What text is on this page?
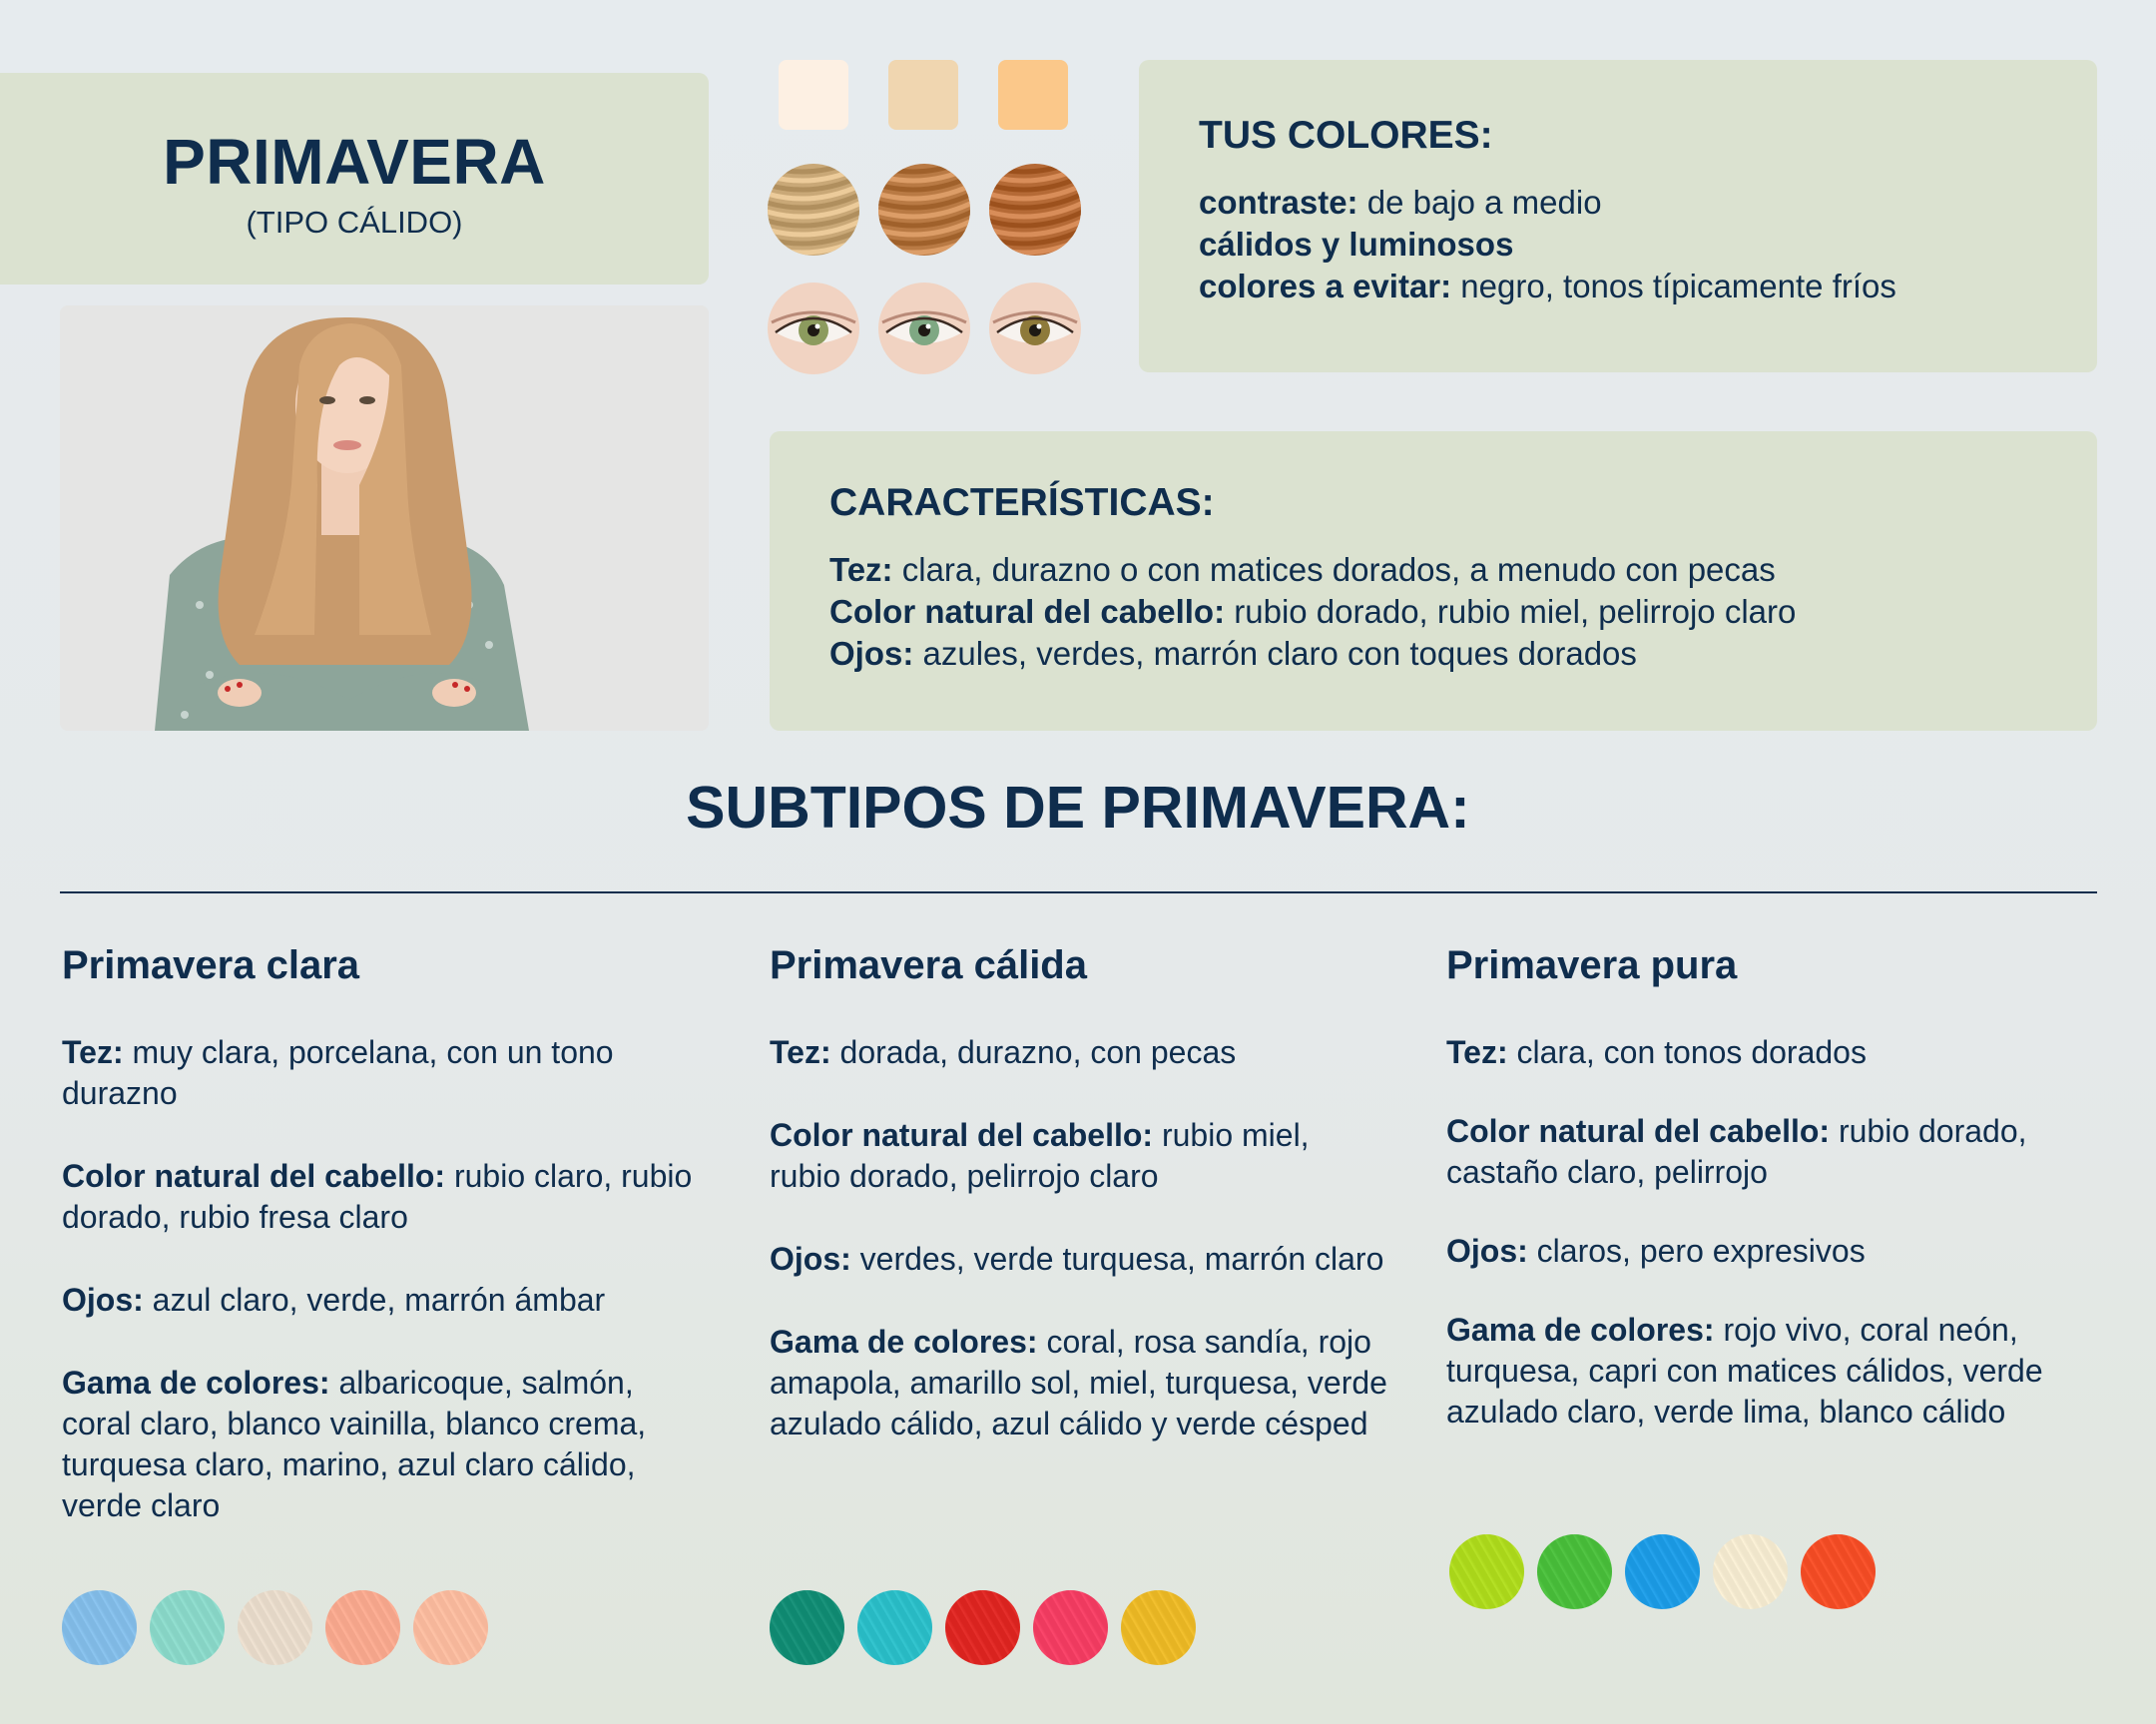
PRIMAVERA
(TIPO CÁLIDO)
TUS COLORES:
contraste: de bajo a medio
cálidos y luminosos
colores a evitar: negro, tonos típicamente fríos
CARACTERÍSTICAS:
Tez: clara, durazno o con matices dorados, a menudo con pecas
Color natural del cabello: rubio dorado, rubio miel, pelirrojo claro
Ojos: azules, verdes, marrón claro con toques dorados
SUBTIPOS DE PRIMAVERA:
Primavera clara
Tez: muy clara, porcelana, con un tono durazno
Color natural del cabello: rubio claro, rubio dorado, rubio fresa claro
Ojos: azul claro, verde, marrón ámbar
Gama de colores: albaricoque, salmón, coral claro, blanco vainilla, blanco crema, turquesa claro, marino, azul claro cálido, verde claro
Primavera cálida
Tez: dorada, durazno, con pecas
Color natural del cabello: rubio miel, rubio dorado, pelirrojo claro
Ojos: verdes, verde turquesa, marrón claro
Gama de colores: coral, rosa sandía, rojo amapola, amarillo sol, miel, turquesa, verde azulado cálido, azul cálido y verde césped
Primavera pura
Tez: clara, con tonos dorados
Color natural del cabello: rubio dorado, castaño claro, pelirrojo
Ojos: claros, pero expresivos
Gama de colores: rojo vivo, coral neón, turquesa, capri con matices cálidos, verde azulado claro, verde lima, blanco cálido
